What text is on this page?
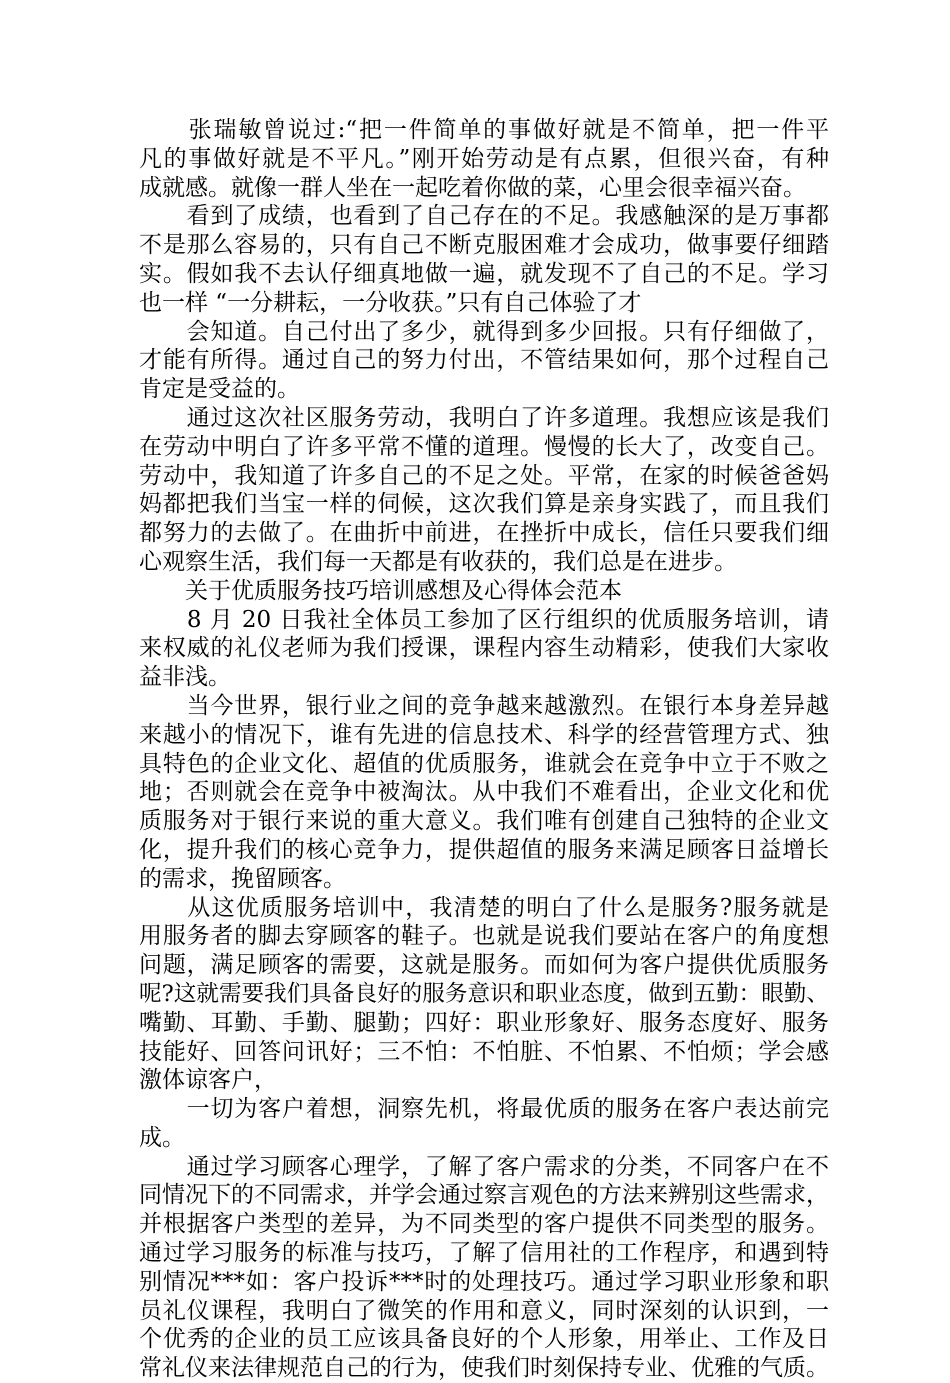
　　张瑞敏曾说过:“把一件简单的事做好就是不简单，把一件平
凡的事做好就是不平凡。”刚开始劳动是有点累，但很兴奋，有种
成就感。就像一群人坐在一起吃着你做的菜，心里会很幸福兴奋。
　　看到了成绩，也看到了自己存在的不足。我感触深的是万事都
不是那么容易的，只有自己不断克服困难才会成功，做事要仔细踏
实。假如我不去认仔细真地做一遍，就发现不了自己的不足。学习
也一样 “一分耕耘，一分收获。”只有自己体验了才
　　会知道。自己付出了多少，就得到多少回报。只有仔细做了，
才能有所得。通过自己的努力付出，不管结果如何，那个过程自己
肯定是受益的。
　　通过这次社区服务劳动，我明白了许多道理。我想应该是我们
在劳动中明白了许多平常不懂的道理。慢慢的长大了，改变自己。
劳动中，我知道了许多自己的不足之处。平常，在家的时候爸爸妈
妈都把我们当宝一样的伺候，这次我们算是亲身实践了，而且我们
都努力的去做了。在曲折中前进，在挫折中成长，信任只要我们细
心观察生活，我们每一天都是有收获的，我们总是在进步。
　　关于优质服务技巧培训感想及心得体会范本
　　8 月 20 日我社全体员工参加了区行组织的优质服务培训，请
来权威的礼仪老师为我们授课，课程内容生动精彩，使我们大家收
益非浅。
　　当今世界，银行业之间的竞争越来越激烈。在银行本身差异越
来越小的情况下，谁有先进的信息技术、科学的经营管理方式、独
具特色的企业文化、超值的优质服务，谁就会在竞争中立于不败之
地；否则就会在竞争中被淘汰。从中我们不难看出，企业文化和优
质服务对于银行来说的重大意义。我们唯有创建自己独特的企业文
化，提升我们的核心竞争力，提供超值的服务来满足顾客日益增长
的需求，挽留顾客。
　　从这优质服务培训中，我清楚的明白了什么是服务?服务就是
用服务者的脚去穿顾客的鞋子。也就是说我们要站在客户的角度想
问题，满足顾客的需要，这就是服务。而如何为客户提供优质服务
呢?这就需要我们具备良好的服务意识和职业态度，做到五勤：眼勤、
嘴勤、耳勤、手勤、腿勤；四好：职业形象好、服务态度好、服务
技能好、回答问讯好；三不怕：不怕脏、不怕累、不怕烦；学会感
激体谅客户，
　　一切为客户着想，洞察先机，将最优质的服务在客户表达前完
成。
　　通过学习顾客心理学，了解了客户需求的分类，不同客户在不
同情况下的不同需求，并学会通过察言观色的方法来辨别这些需求，
并根据客户类型的差异，为不同类型的客户提供不同类型的服务。
通过学习服务的标准与技巧，了解了信用社的工作程序，和遇到特
别情况***如：客户投诉***时的处理技巧。通过学习职业形象和职
员礼仪课程，我明白了微笑的作用和意义，同时深刻的认识到，一
个优秀的企业的员工应该具备良好的个人形象，用举止、工作及日
常礼仪来法律规范自己的行为，使我们时刻保持专业、优雅的气质。
